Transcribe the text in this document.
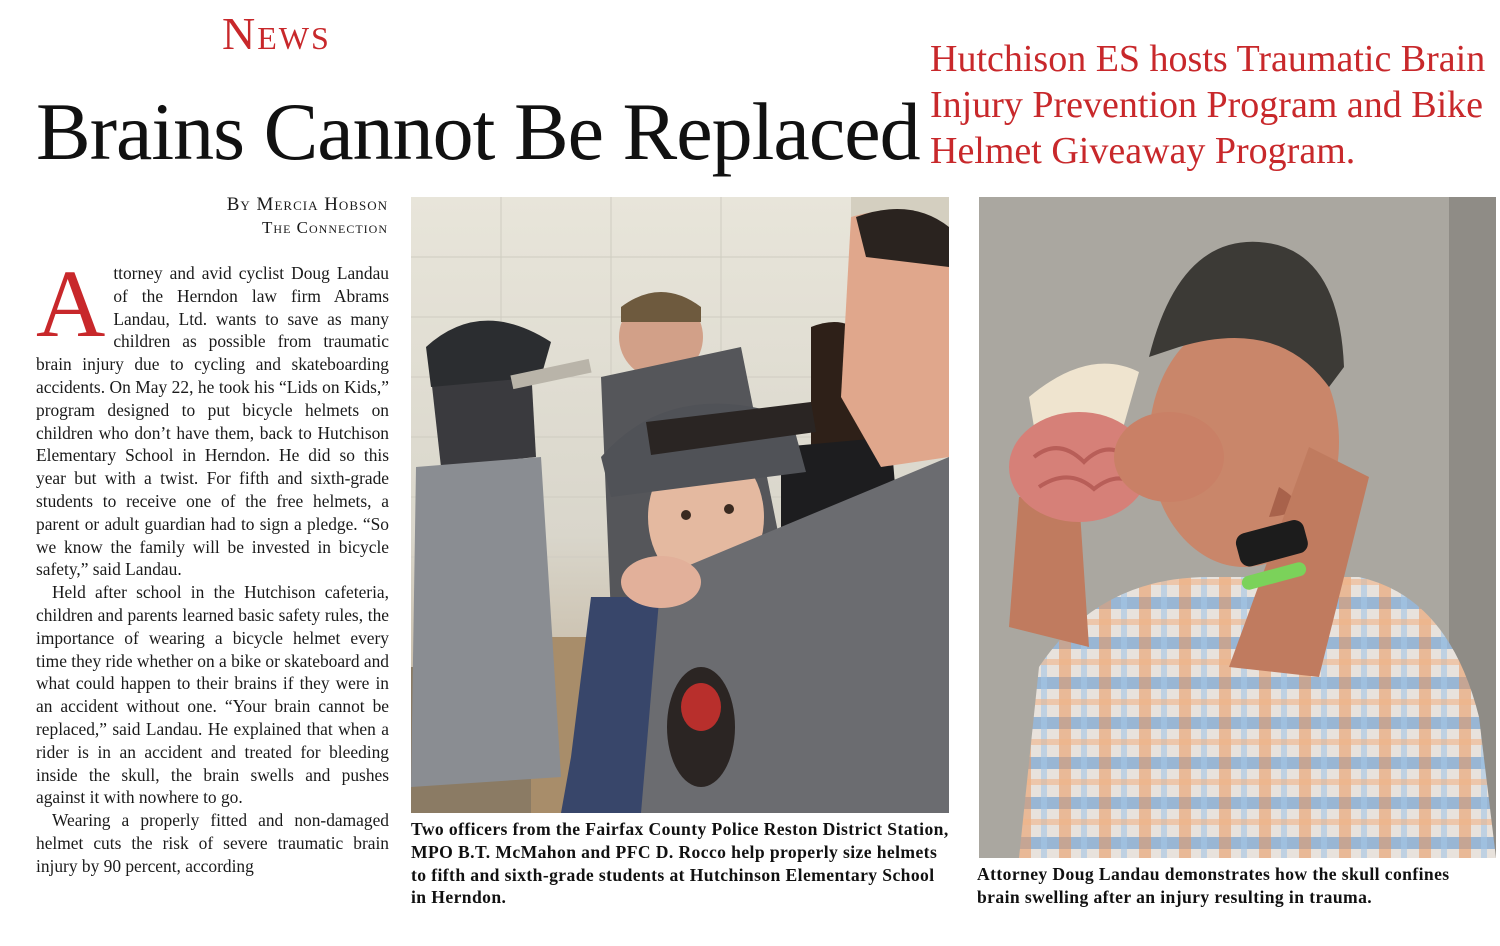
News
Brains Cannot Be Replaced
Hutchison ES hosts Traumatic Brain
Injury Prevention Program and Bike
Helmet Giveaway Program.
By Mercia Hobson
The Connection

Attorney and avid cyclist Doug Landau of the Herndon law firm Abrams Landau, Ltd. wants to save as many children as possible from traumatic brain injury due to cycling and skateboarding accidents. On May 22, he took his “Lids on Kids,” program designed to put bicycle helmets on children who don’t have them, back to Hutchison Elementary School in Herndon. He did so this year but with a twist. For fifth and sixth-grade students to receive one of the free helmets, a parent or adult guardian had to sign a pledge. “So we know the family will be invested in bicycle safety,” said Landau.

Held after school in the Hutchison cafeteria, children and parents learned basic safety rules, the importance of wearing a bicycle helmet every time they ride whether on a bike or skateboard and what could happen to their brains if they were in an accident without one. “Your brain cannot be replaced,” said Landau. He explained that when a rider is in an accident and treated for bleeding inside the skull, the brain swells and pushes against it with nowhere to go.

Wearing a properly fitted and non-damaged helmet cuts the risk of severe traumatic brain injury by 90 percent, according

Two officers from the Fairfax County Police Reston District Station, MPO B.T. McMahon and PFC D. Rocco help properly size helmets to fifth and sixth-grade students at Hutchinson Elementary School in Herndon.
Attorney Doug Landau demonstrates how the skull confines brain swelling after an injury resulting in trauma.
